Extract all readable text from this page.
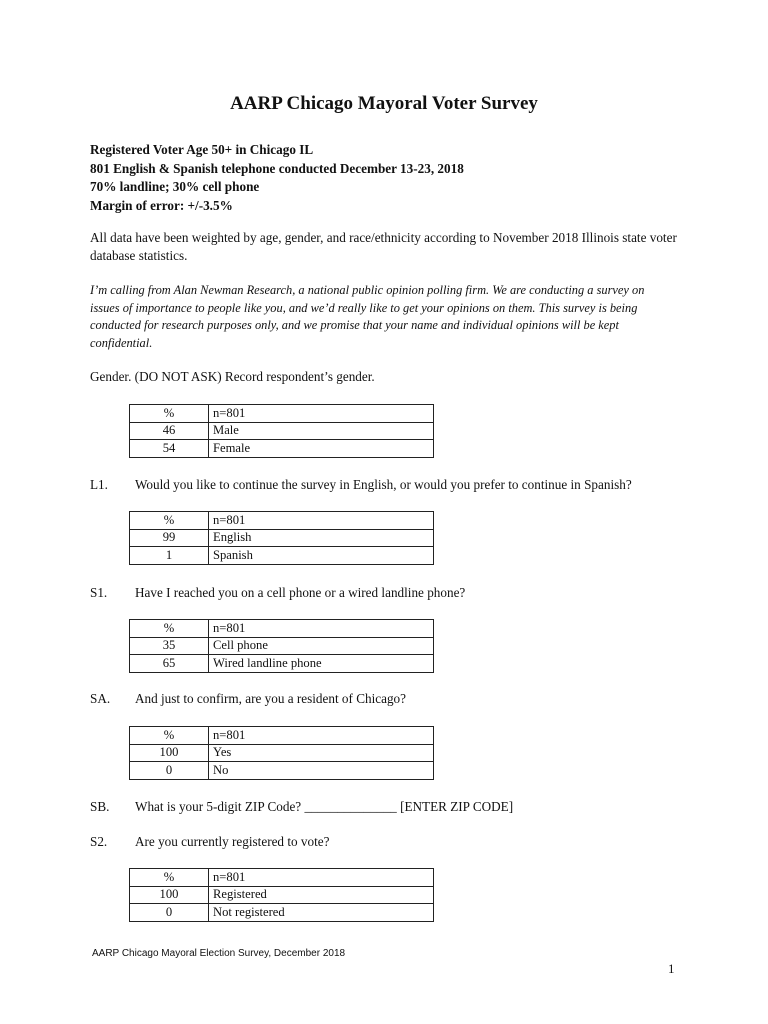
AARP Chicago Mayoral Voter Survey
Registered Voter Age 50+ in Chicago IL
801 English & Spanish telephone conducted December 13-23, 2018
70% landline; 30% cell phone
Margin of error: +/-3.5%
All data have been weighted by age, gender, and race/ethnicity according to November 2018 Illinois state voter database statistics.
I’m calling from Alan Newman Research, a national public opinion polling firm. We are conducting a survey on issues of importance to people like you, and we’d really like to get your opinions on them. This survey is being conducted for research purposes only, and we promise that your name and individual opinions will be kept confidential.
Gender. (DO NOT ASK) Record respondent’s gender.
%	n=801
46	Male
54	Female
L1. Would you like to continue the survey in English, or would you prefer to continue in Spanish?
%	n=801
99	English
1	Spanish
S1. Have I reached you on a cell phone or a wired landline phone?
%	n=801
35	Cell phone
65	Wired landline phone
SA. And just to confirm, are you a resident of Chicago?
%	n=801
100	Yes
0	No
SB. What is your 5-digit ZIP Code? ______________ [ENTER ZIP CODE]
S2. Are you currently registered to vote?
%	n=801
100	Registered
0	Not registered
AARP Chicago Mayoral Election Survey, December 2018
1
